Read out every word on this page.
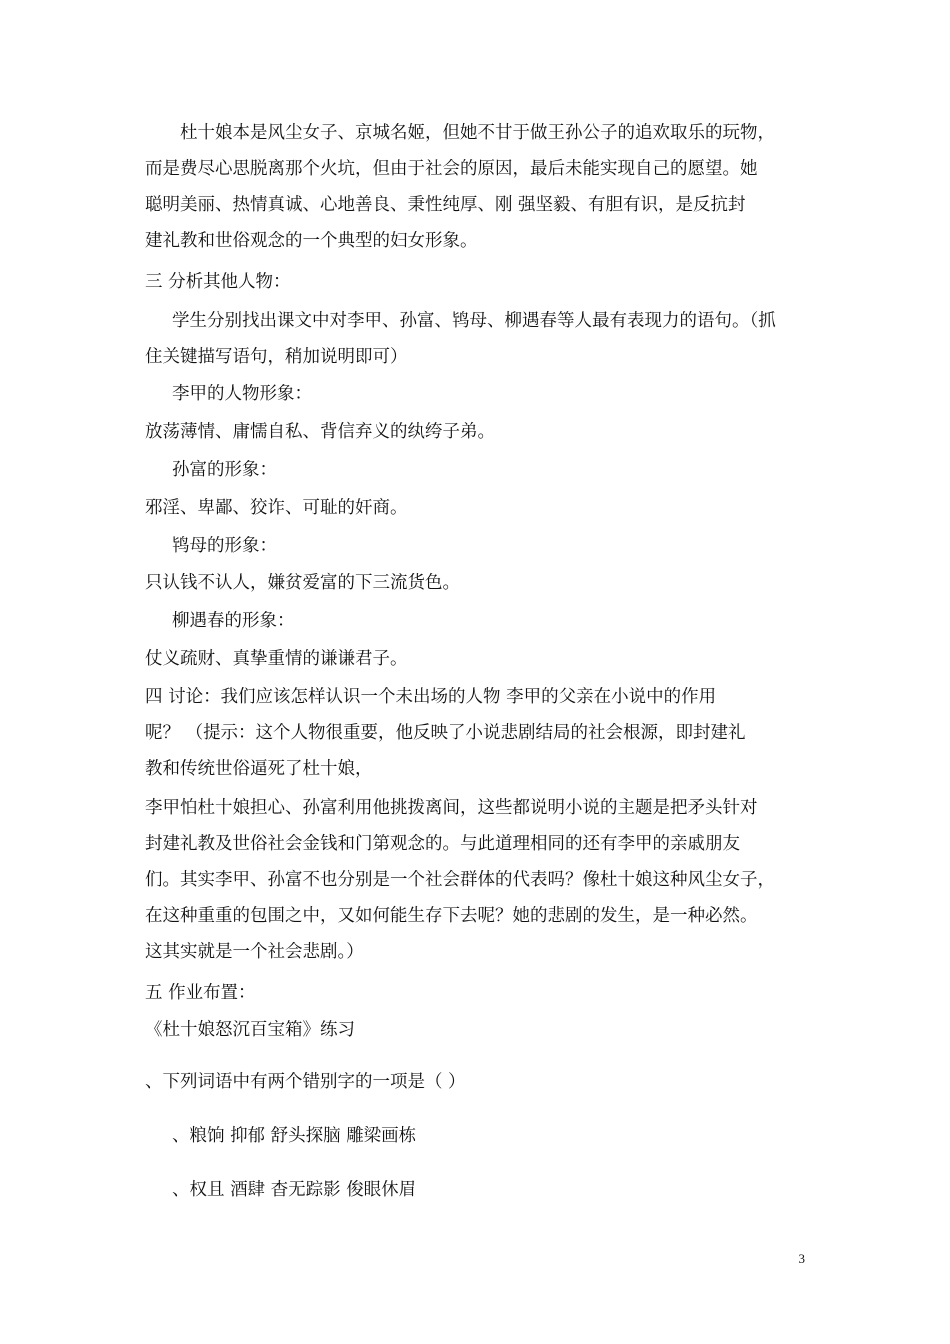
杜十娘本是风尘女子、京城名姬，但她不甘于做王孙公子的追欢取乐的玩物，
而是费尽心思脱离那个火坑，但由于社会的原因，最后未能实现自己的愿望。她
聪明美丽、热情真诚、心地善良、秉性纯厚、刚 强坚毅、有胆有识，是反抗封
建礼教和世俗观念的一个典型的妇女形象。
三 分析其他人物：
学生分别找出课文中对李甲、孙富、鸨母、柳遇春等人最有表现力的语句。（抓
住关键描写语句，稍加说明即可）
李甲的人物形象：
放荡薄情、庸懦自私、背信弃义的纨绔子弟。
孙富的形象：
邪淫、卑鄙、狡诈、可耻的奸商。
鸨母的形象：
只认钱不认人，嫌贫爱富的下三流货色。
柳遇春的形象：
仗义疏财、真挚重情的谦谦君子。
四 讨论：我们应该怎样认识一个未出场的人物 李甲的父亲在小说中的作用
呢？ （提示：这个人物很重要，他反映了小说悲剧结局的社会根源，即封建礼
教和传统世俗逼死了杜十娘，
李甲怕杜十娘担心、孙富利用他挑拨离间，这些都说明小说的主题是把矛头针对
封建礼教及世俗社会金钱和门第观念的。与此道理相同的还有李甲的亲戚朋友
们。其实李甲、孙富不也分别是一个社会群体的代表吗？像杜十娘这种风尘女子，
在这种重重的包围之中，又如何能生存下去呢？她的悲剧的发生，是一种必然。
这其实就是一个社会悲剧。）
五 作业布置：
《杜十娘怒沉百宝箱》练习
、下列词语中有两个错别字的一项是（ ）
、粮饷 抑郁 舒头探脑 雕梁画栋
、权且 酒肆 杳无踪影 俊眼休眉
3
